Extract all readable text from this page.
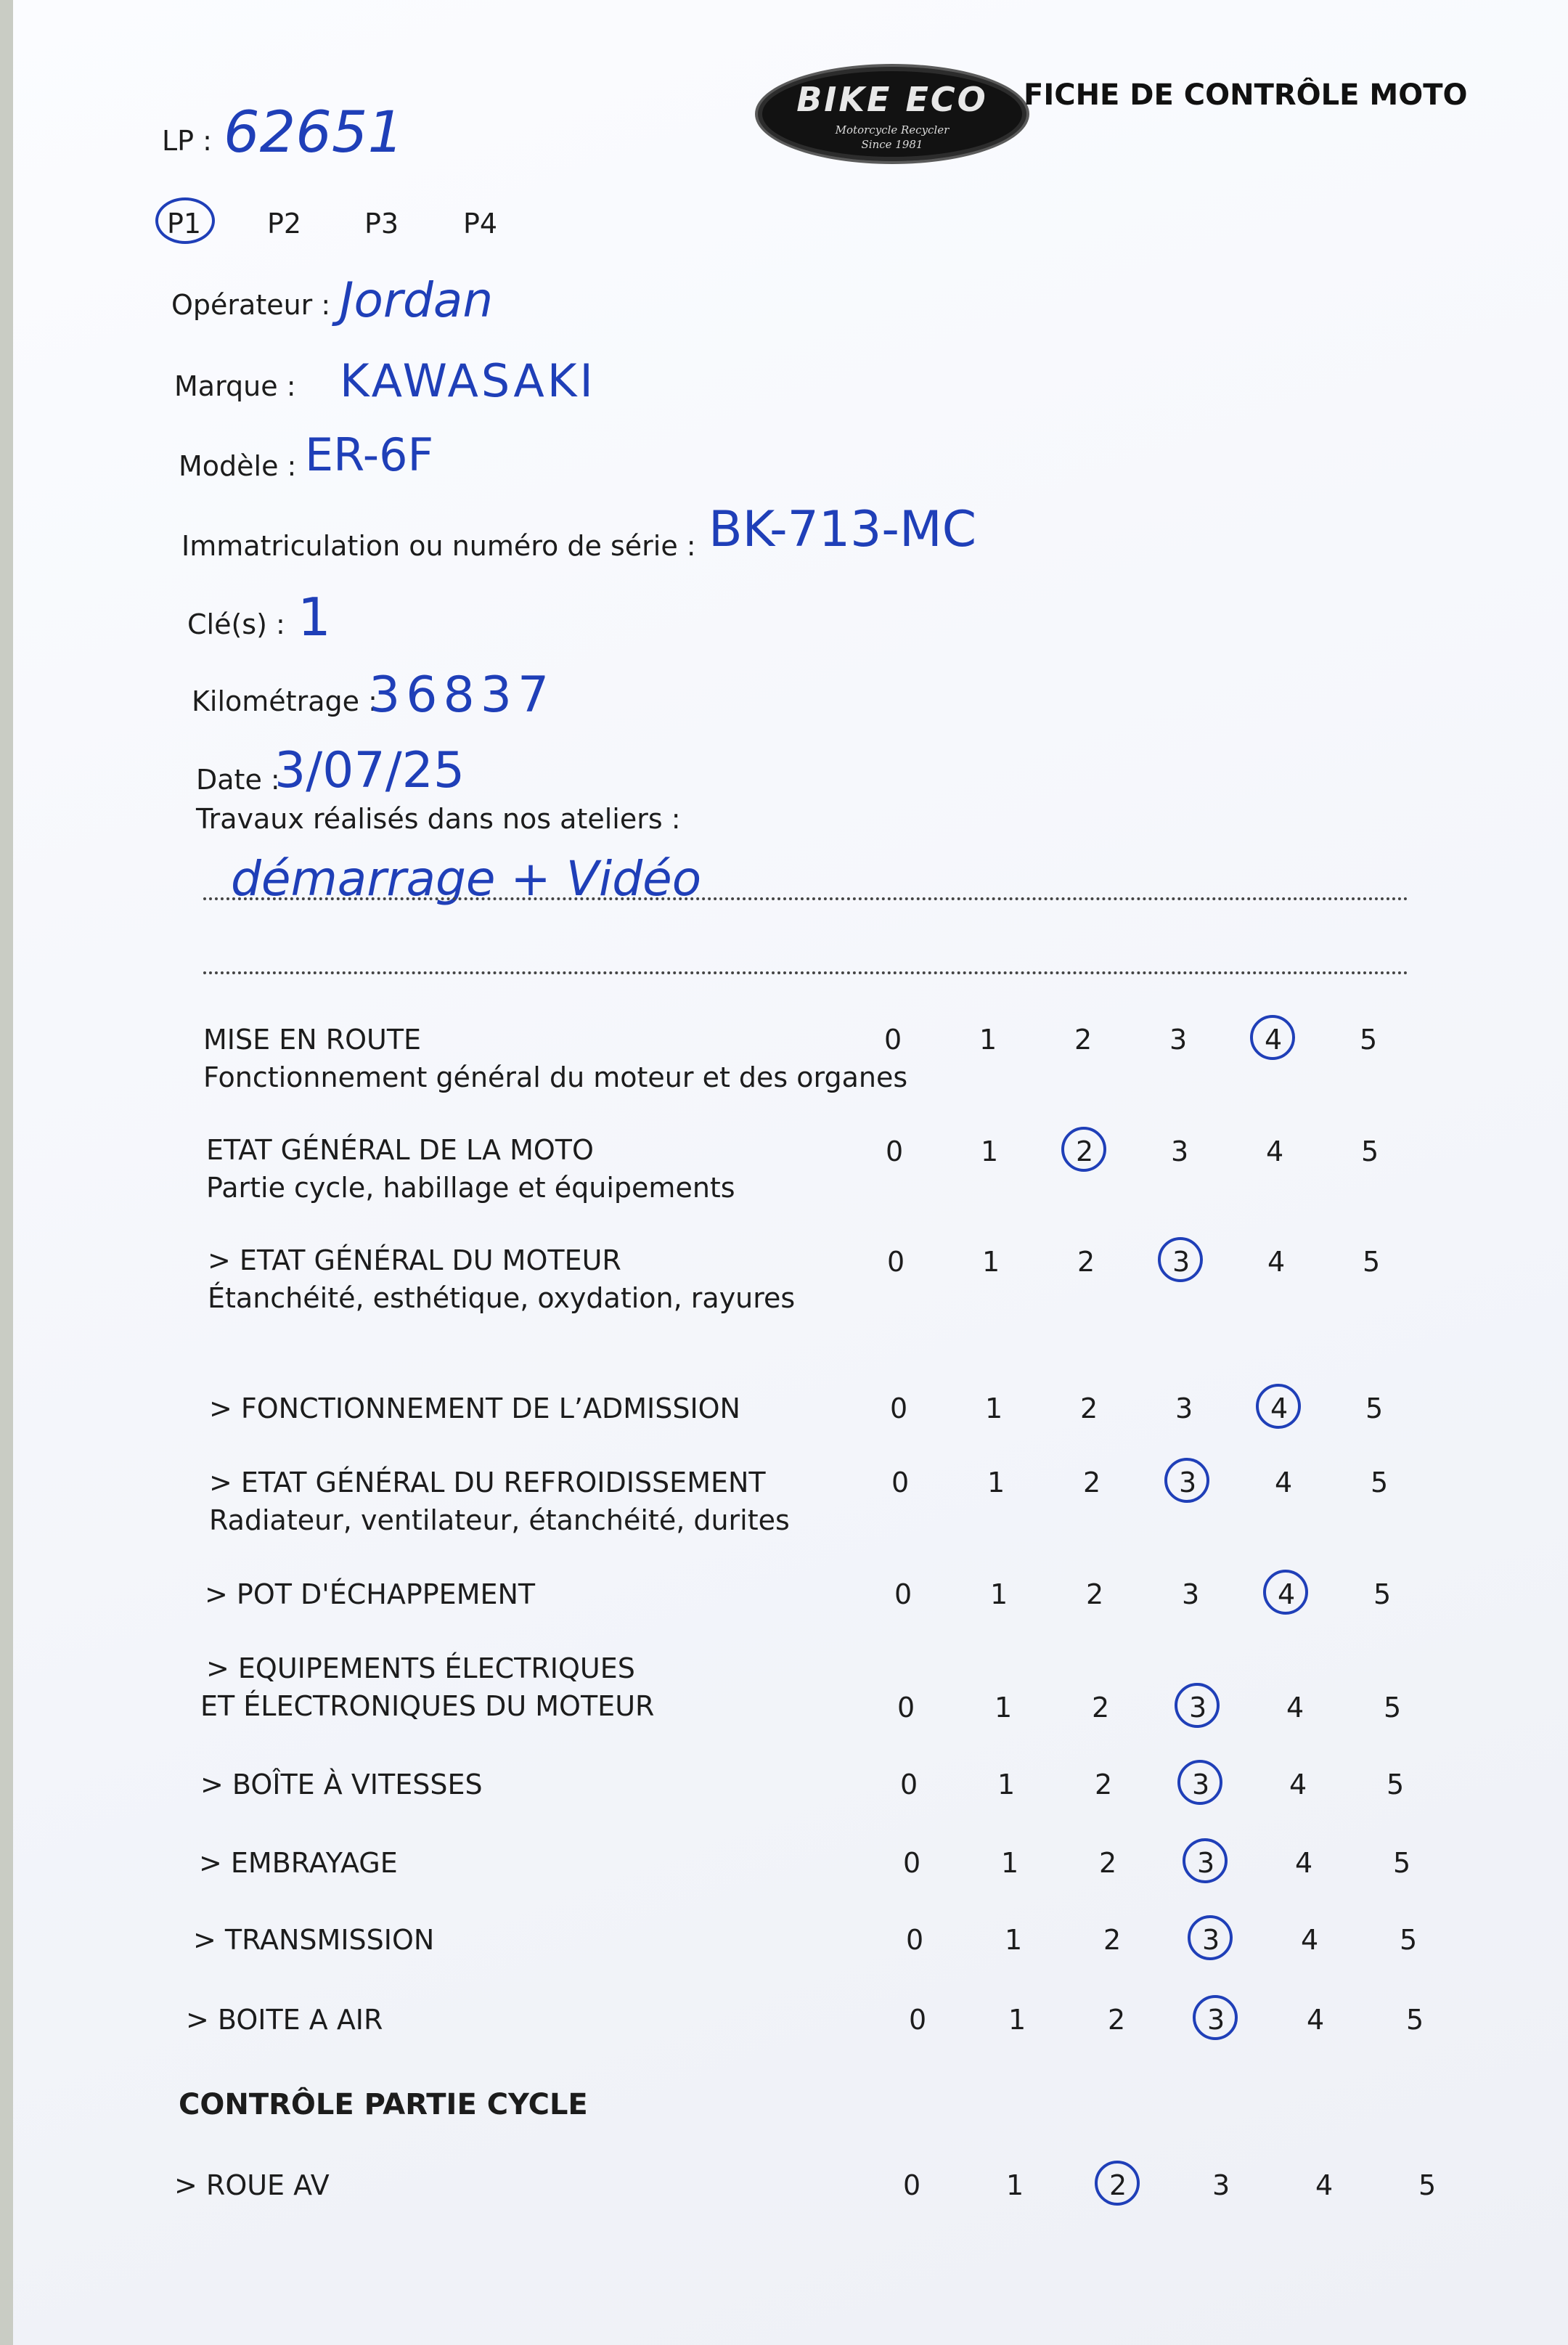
BIKE ECO
Motorcycle Recycler
Since 1981
FICHE DE CONTRÔLE MOTO
LP : 62651
P1 P2 P3 P4
Opérateur : Jordan
Marque : KAWASAKI
Modèle : ER-6F
Immatriculation ou numéro de série : BK-713-MC
Clé(s) : 1
Kilométrage :
36837
Date :
3/07/25
Travaux réalisés dans nos ateliers :
démarrage + Vidéo
MISE EN ROUTE
Fonctionnement général du moteur et des organes
0	1	2	3	4	5
ETAT GÉNÉRAL DE LA MOTO
Partie cycle, habillage et équipements
0	1	2	3	4	5
> ETAT GÉNÉRAL DU MOTEUR
Étanchéité, esthétique, oxydation, rayures
0	1	2	3	4	5
> FONCTIONNEMENT DE L’ADMISSION	0	1	2	3	4	5
> ETAT GÉNÉRAL DU REFROIDISSEMENT
Radiateur, ventilateur, étanchéité, durites
0	1	2	3	4	5
> POT D'ÉCHAPPEMENT	0	1	2	3	4	5
> EQUIPEMENTS ÉLECTRIQUES
ET ÉLECTRONIQUES DU MOTEUR	0	1	2	3	4	5
> BOÎTE À VITESSES	0	1	2	3	4	5
> EMBRAYAGE	0	1	2	3	4	5
> TRANSMISSION	0	1	2	3	4	5
> BOITE A AIR	0	1	2	3	4	5
CONTRÔLE PARTIE CYCLE
> ROUE AV	0	1	2	3	4	5
